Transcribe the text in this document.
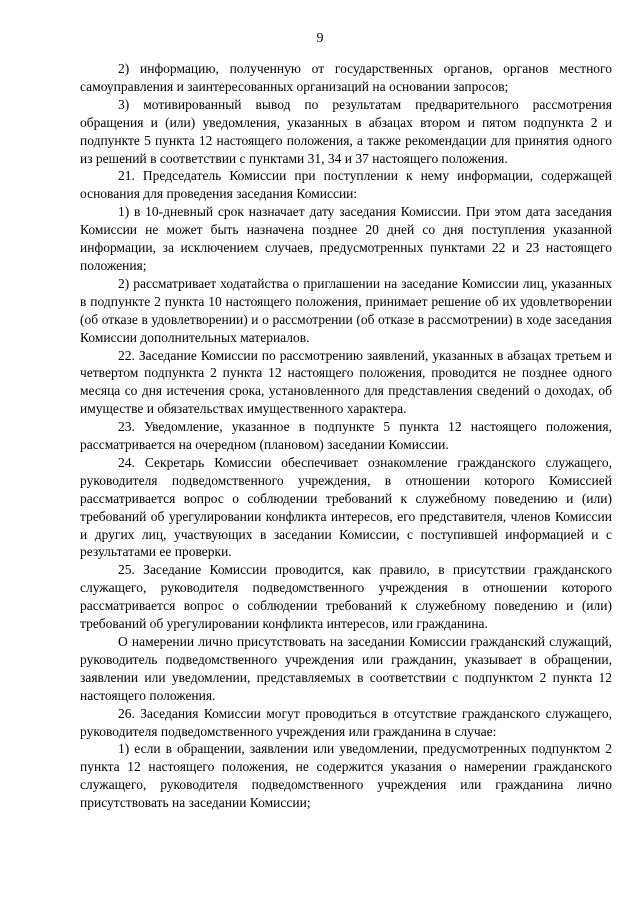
9

2) информацию, полученную от государственных органов, органов местного самоуправления и заинтересованных организаций на основании запросов;

3) мотивированный вывод по результатам предварительного рассмотрения обращения и (или) уведомления, указанных в абзацах втором и пятом подпункта 2 и подпункте 5 пункта 12 настоящего положения, а также рекомендации для принятия одного из решений в соответствии с пунктами 31, 34 и 37 настоящего положения.

21. Председатель Комиссии при поступлении к нему информации, содержащей основания для проведения заседания Комиссии:

1) в 10-дневный срок назначает дату заседания Комиссии. При этом дата заседания Комиссии не может быть назначена позднее 20 дней со дня поступления указанной информации, за исключением случаев, предусмотренных пунктами 22 и 23 настоящего положения;

2) рассматривает ходатайства о приглашении на заседание Комиссии лиц, указанных в подпункте 2 пункта 10 настоящего положения, принимает решение об их удовлетворении (об отказе в удовлетворении) и о рассмотрении (об отказе в рассмотрении) в ходе заседания Комиссии дополнительных материалов.

22. Заседание Комиссии по рассмотрению заявлений, указанных в абзацах третьем и четвертом подпункта 2 пункта 12 настоящего положения, проводится не позднее одного месяца со дня истечения срока, установленного для представления сведений о доходах, об имуществе и обязательствах имущественного характера.

23. Уведомление, указанное в подпункте 5 пункта 12 настоящего положения, рассматривается на очередном (плановом) заседании Комиссии.

24. Секретарь Комиссии обеспечивает ознакомление гражданского служащего, руководителя подведомственного учреждения, в отношении которого Комиссией рассматривается вопрос о соблюдении требований к служебному поведению и (или) требований об урегулировании конфликта интересов, его представителя, членов Комиссии и других лиц, участвующих в заседании Комиссии, с поступившей информацией и с результатами ее проверки.

25. Заседание Комиссии проводится, как правило, в присутствии гражданского служащего, руководителя подведомственного учреждения в отношении которого рассматривается вопрос о соблюдении требований к служебному поведению и (или) требований об урегулировании конфликта интересов, или гражданина.

О намерении лично присутствовать на заседании Комиссии гражданский служащий, руководитель подведомственного учреждения или гражданин, указывает в обращении, заявлении или уведомлении, представляемых в соответствии с подпунктом 2 пункта 12 настоящего положения.

26. Заседания Комиссии могут проводиться в отсутствие гражданского служащего, руководителя подведомственного учреждения или гражданина в случае:

1) если в обращении, заявлении или уведомлении, предусмотренных подпунктом 2 пункта 12 настоящего положения, не содержится указания о намерении гражданского служащего, руководителя подведомственного учреждения или гражданина лично присутствовать на заседании Комиссии;
